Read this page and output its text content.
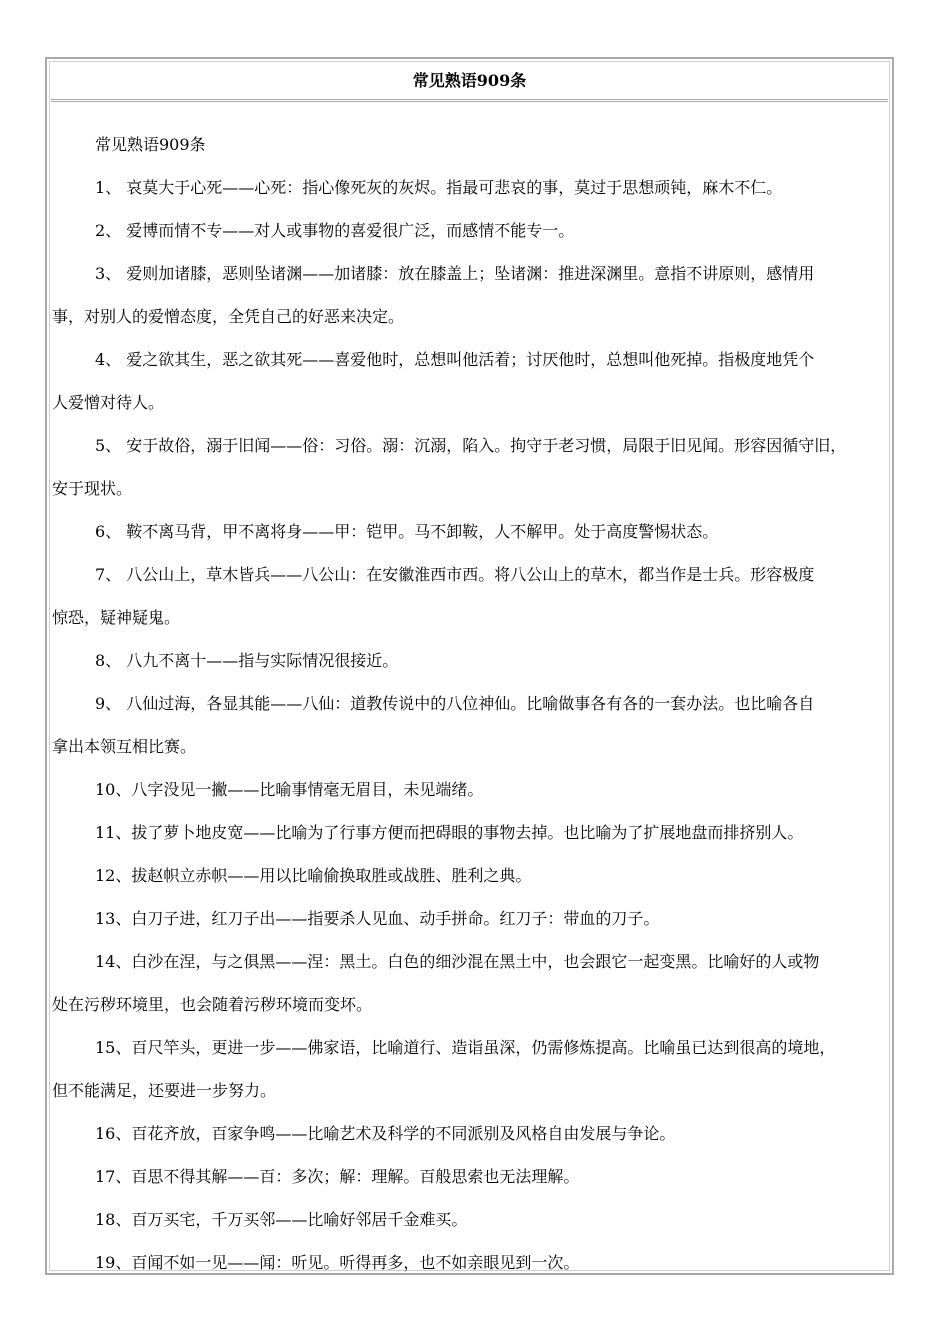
常见熟语909条
常见熟语909条
1、 哀莫大于心死——心死：指心像死灰的灰烬。指最可悲哀的事，莫过于思想顽钝，麻木不仁。
2、 爱博而情不专——对人或事物的喜爱很广泛，而感情不能专一。
3、 爱则加诸膝，恶则坠诸渊——加诸膝：放在膝盖上；坠诸渊：推进深渊里。意指不讲原则，感情用
事，对别人的爱憎态度，全凭自己的好恶来决定。
4、 爱之欲其生，恶之欲其死——喜爱他时，总想叫他活着；讨厌他时，总想叫他死掉。指极度地凭个
人爱憎对待人。
5、 安于故俗，溺于旧闻——俗：习俗。溺：沉溺，陷入。拘守于老习惯，局限于旧见闻。形容因循守旧，
安于现状。
6、 鞍不离马背，甲不离将身——甲：铠甲。马不卸鞍，人不解甲。处于高度警惕状态。
7、 八公山上，草木皆兵——八公山：在安徽淮西市西。将八公山上的草木，都当作是士兵。形容极度
惊恐，疑神疑鬼。
8、 八九不离十——指与实际情况很接近。
9、 八仙过海，各显其能——八仙：道教传说中的八位神仙。比喻做事各有各的一套办法。也比喻各自
拿出本领互相比赛。
10、八字没见一撇——比喻事情毫无眉目，未见端绪。
11、拔了萝卜地皮宽——比喻为了行事方便而把碍眼的事物去掉。也比喻为了扩展地盘而排挤别人。
12、拔赵帜立赤帜——用以比喻偷换取胜或战胜、胜利之典。
13、白刀子进，红刀子出——指要杀人见血、动手拼命。红刀子：带血的刀子。
14、白沙在涅，与之俱黑——涅：黑土。白色的细沙混在黑土中，也会跟它一起变黑。比喻好的人或物
处在污秽环境里，也会随着污秽环境而变坏。
15、百尺竿头，更进一步——佛家语，比喻道行、造诣虽深，仍需修炼提高。比喻虽已达到很高的境地，
但不能满足，还要进一步努力。
16、百花齐放，百家争鸣——比喻艺术及科学的不同派别及风格自由发展与争论。
17、百思不得其解——百：多次；解：理解。百般思索也无法理解。
18、百万买宅，千万买邻——比喻好邻居千金难买。
19、百闻不如一见——闻：听见。听得再多，也不如亲眼见到一次。
